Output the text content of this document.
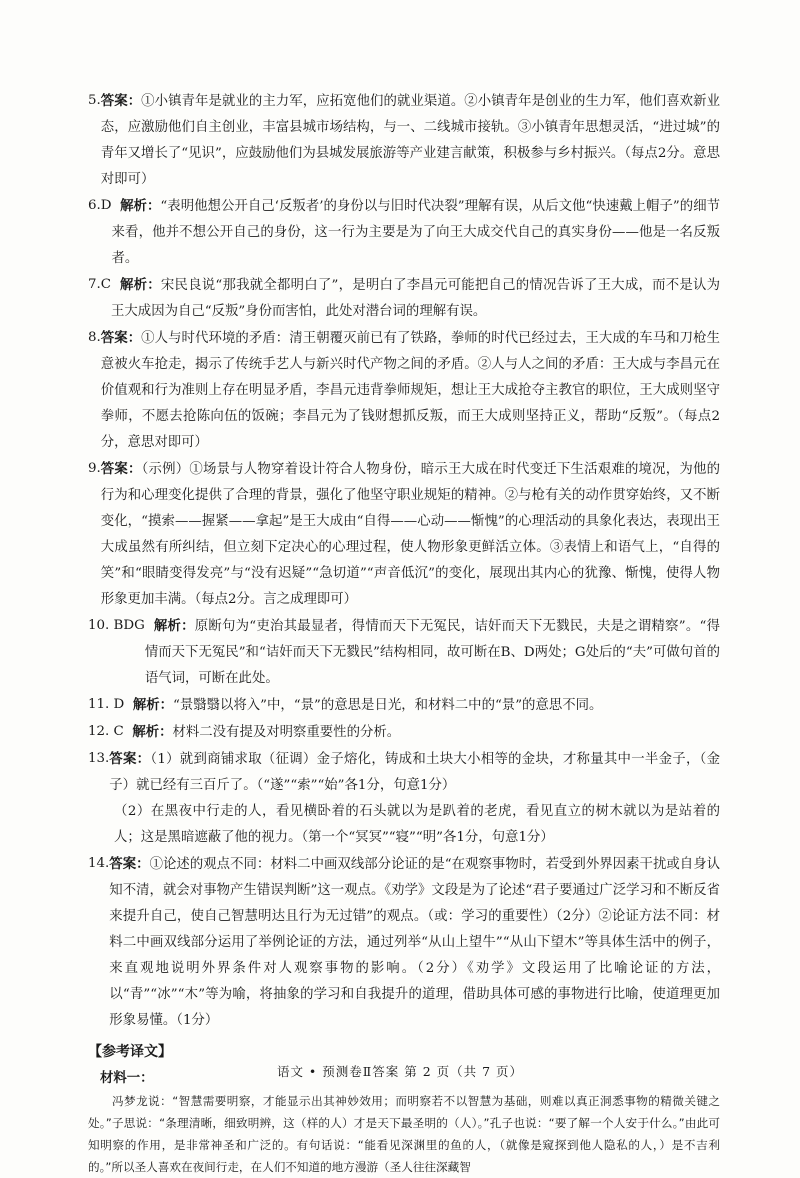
5. 答案：①小镇青年是就业的主力军，应拓宽他们的就业渠道。②小镇青年是创业的生力军，他们喜欢新业态，应激励他们自主创业，丰富县城市场结构，与一、二线城市接轨。③小镇青年思想灵活，“进过城”的青年又增长了“见识”，应鼓励他们为县城发展旅游等产业建言献策，积极参与乡村振兴。（每点2分。意思对即可）
6.D 解析：“表明他想公开自己‘反叛者’的身份以与旧时代决裂”理解有误，从后文他“快速戴上帽子”的细节来看，他并不想公开自己的身份，这一行为主要是为了向王大成交代自己的真实身份——他是一名反叛者。
7.C 解析：宋民良说“那我就全都明白了”，是明白了李昌元可能把自己的情况告诉了王大成，而不是认为王大成因为自己“反叛”身份而害怕，此处对潜台词的理解有误。
8. 答案：①人与时代环境的矛盾：清王朝覆灭前已有了铁路，拳师的时代已经过去，王大成的车马和刀枪生意被火车抢走，揭示了传统手艺人与新兴时代产物之间的矛盾。②人与人之间的矛盾：王大成与李昌元在价值观和行为准则上存在明显矛盾，李昌元违背拳师规矩，想让王大成抢夺主教官的职位，王大成则坚守拳师，不愿去抢陈向伍的饭碗；李昌元为了钱财想抓反叛，而王大成则坚持正义，帮助“反叛”。（每点2分，意思对即可）
9. 答案：（示例）①场景与人物穿着设计符合人物身份，暗示王大成在时代变迁下生活艰难的境况，为他的行为和心理变化提供了合理的背景，强化了他坚守职业规矩的精神。②与枪有关的动作贯穿始终，又不断变化，“摸索——握紧——拿起”是王大成由“自得——心动——惭愧”的心理活动的具象化表达，表现出王大成虽然有所纠结，但立刻下定决心的心理过程，使人物形象更鲜活立体。③表情上和语气上，“自得的笑”和“眼睛变得发亮”与“没有迟疑”“急切道”“声音低沉”的变化，展现出其内心的犹豫、惭愧，使得人物形象更加丰满。（每点2分。言之成理即可）
10. BDG 解析：原断句为“吏治其最显者，得情而天下无冤民，诘奸而天下无戮民，夫是之谓精察”。“得情而天下无冤民”和“诘奸而天下无戮民”结构相同，故可断在B、D两处；G处后的“夫”可做句首的语气词，可断在此处。
11. D 解析：“景翳翳以将入”中，“景”的意思是日光，和材料二中的“景”的意思不同。
12. C 解析：材料二没有提及对明察重要性的分析。
13. 答案：（1）就到商铺求取（征调）金子熔化，铸成和土块大小相等的金块，才称量其中一半金子，（金子）就已经有三百斤了。（“遂”“索”“始”各1分，句意1分）
（2）在黑夜中行走的人，看见横卧着的石头就以为是趴着的老虎，看见直立的树木就以为是站着的人；这是黑暗遮蔽了他的视力。（第一个“冥冥”“寝”“明”各1分，句意1分）
14. 答案：①论述的观点不同：材料二中画双线部分论证的是“在观察事物时，若受到外界因素干扰或自身认知不清，就会对事物产生错误判断”这一观点。《劝学》文段是为了论述“君子要通过广泛学习和不断反省来提升自己，使自己智慧明达且行为无过错”的观点。（或：学习的重要性）（2分）②论证方法不同：材料二中画双线部分运用了举例论证的方法，通过列举“从山上望牛”“从山下望木”等具体生活中的例子，来直观地说明外界条件对人观察事物的影响。（2分）《劝学》文段运用了比喻论证的方法，以“青”“冰”“木”等为喻，将抽象的学习和自我提升的道理，借助具体可感的事物进行比喻，使道理更加形象易懂。（1分）
【参考译文】
材料一：
冯梦龙说：“智慧需要明察，才能显示出其神妙效用；而明察若不以智慧为基础，则难以真正洞悉事物的精微关键之处。”子思说：“条理清晰，细致明辨，这（样的人）才是天下最圣明的（人）。”孔子也说：“要了解一个人安于什么。”由此可知明察的作用，是非常神圣和广泛的。有句话说：“能看见深渊里的鱼的人，（就像是窥探到他人隐私的人，）是不吉利的。”所以圣人喜欢在夜间行走，在人们不知道的地方漫游（圣人往往深藏智
语文 • 预测卷Ⅱ答案 第 2 页（共 7 页）
